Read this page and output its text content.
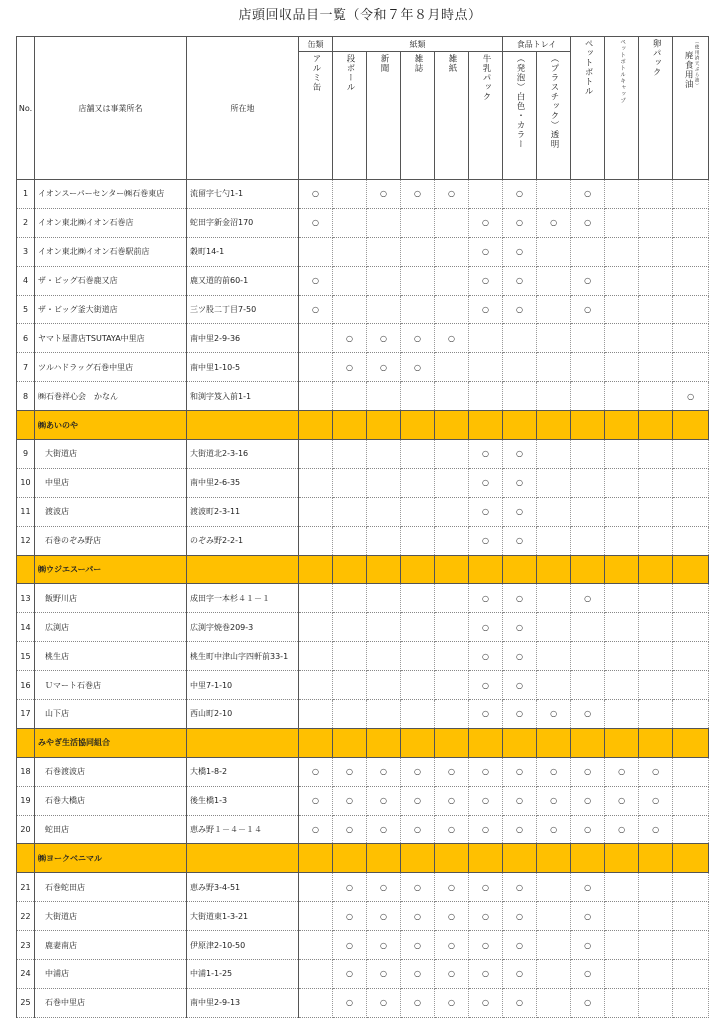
店頭回収品目一覧（令和７年８月時点）
No.	店舗又は事業所名	所在地	缶類	紙類					食品トレイ		ペットボトル	ペットボトルキャップ	卵パック	廃食用油︵使用済天ぷら油︶
			アルミ缶	段ボール	新聞	雑誌	雑紙	牛乳パック	︵発泡︶白色・カラー	︵プラスチック︶透明				
1	イオンスーパーセンター㈱石巻東店	流留字七勺1-1	○		○	○	○		○		○			
2	イオン東北㈱イオン石巻店	蛇田字新金沼170	○					○	○	○	○			
3	イオン東北㈱イオン石巻駅前店	穀町14-1						○	○					
4	ザ・ビッグ石巻鹿又店	鹿又道的前60-1	○					○	○		○			
5	ザ・ビッグ釜大街道店	三ツ股二丁目7-50	○					○	○		○			
6	ヤマト屋書店TSUTAYA中里店	南中里2-9-36		○	○	○	○							
7	ツルハドラッグ石巻中里店	南中里1-10-5		○	○	○								
8	㈱石巻祥心会　かなん	和渕字笈入前1-1												○
	㈱あいのや													
9	大街道店	大街道北2-3-16						○	○					
10	中里店	南中里2-6-35						○	○					
11	渡波店	渡波町2-3-11						○	○					
12	石巻のぞみ野店	のぞみ野2-2-1						○	○					
	㈱ウジエスーパー													
13	飯野川店	成田字一本杉４１－１						○	○		○			
14	広渕店	広渕字焼巻209-3						○	○					
15	桃生店	桃生町中津山字四軒前33-1						○	○					
16	Ｕマート石巻店	中里7-1-10						○	○					
17	山下店	西山町2-10						○	○	○	○			
	みやぎ生活協同組合													
18	石巻渡波店	大橋1-8-2	○	○	○	○	○	○	○	○	○	○	○	
19	石巻大橋店	後生橋1-3	○	○	○	○	○	○	○	○	○	○	○	
20	蛇田店	恵み野１－４－１４	○	○	○	○	○	○	○	○	○	○	○	
	㈱ヨークベニマル													
21	石巻蛇田店	恵み野3-4-51		○	○	○	○	○	○		○			
22	大街道店	大街道東1-3-21		○	○	○	○	○	○		○			
23	鹿妻南店	伊原津2-10-50		○	○	○	○	○	○		○			
24	中浦店	中浦1-1-25		○	○	○	○	○	○		○			
25	石巻中里店	南中里2-9-13		○	○	○	○	○	○		○			
